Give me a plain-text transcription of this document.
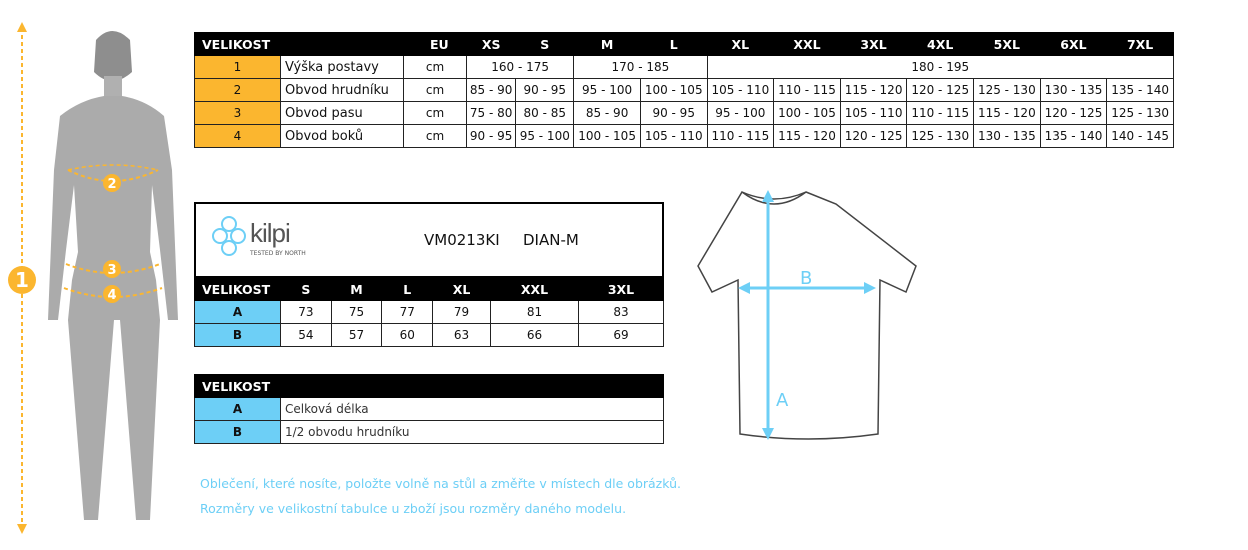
1
2
3
4
VELIKOST EU			XS	S	M	L	XL	XXL	3XL	4XL	5XL	6XL	7XL
1	Výška postavy	cm	160 - 175		170 - 185		180 - 195						
2	Obvod hrudníku	cm	85 - 90	90 - 95	95 - 100	100 - 105	105 - 110	110 - 115	115 - 120	120 - 125	125 - 130	130 - 135	135 - 140
3	Obvod pasu	cm	75 - 80	80 - 85	85 - 90	90 - 95	95 - 100	100 - 105	105 - 110	110 - 115	115 - 120	120 - 125	125 - 130
4	Obvod boků	cm	90 - 95	95 - 100	100 - 105	105 - 110	110 - 115	115 - 120	120 - 125	125 - 130	130 - 135	135 - 140	140 - 145
kilpi
TESTED BY NORTH
VM0213KI DIAN-M
VELIKOST	S	M	L	XL	XXL	3XL
A	73	75	77	79	81	83
B	54	57	60	63	66	69
VELIKOST	
A	Celková délka
B	1/2 obvodu hrudníku
A
B
Oblečení, které nosíte, položte volně na stůl a změřte v místech dle obrázků.
Rozměry ve velikostní tabulce u zboží jsou rozměry daného modelu.
